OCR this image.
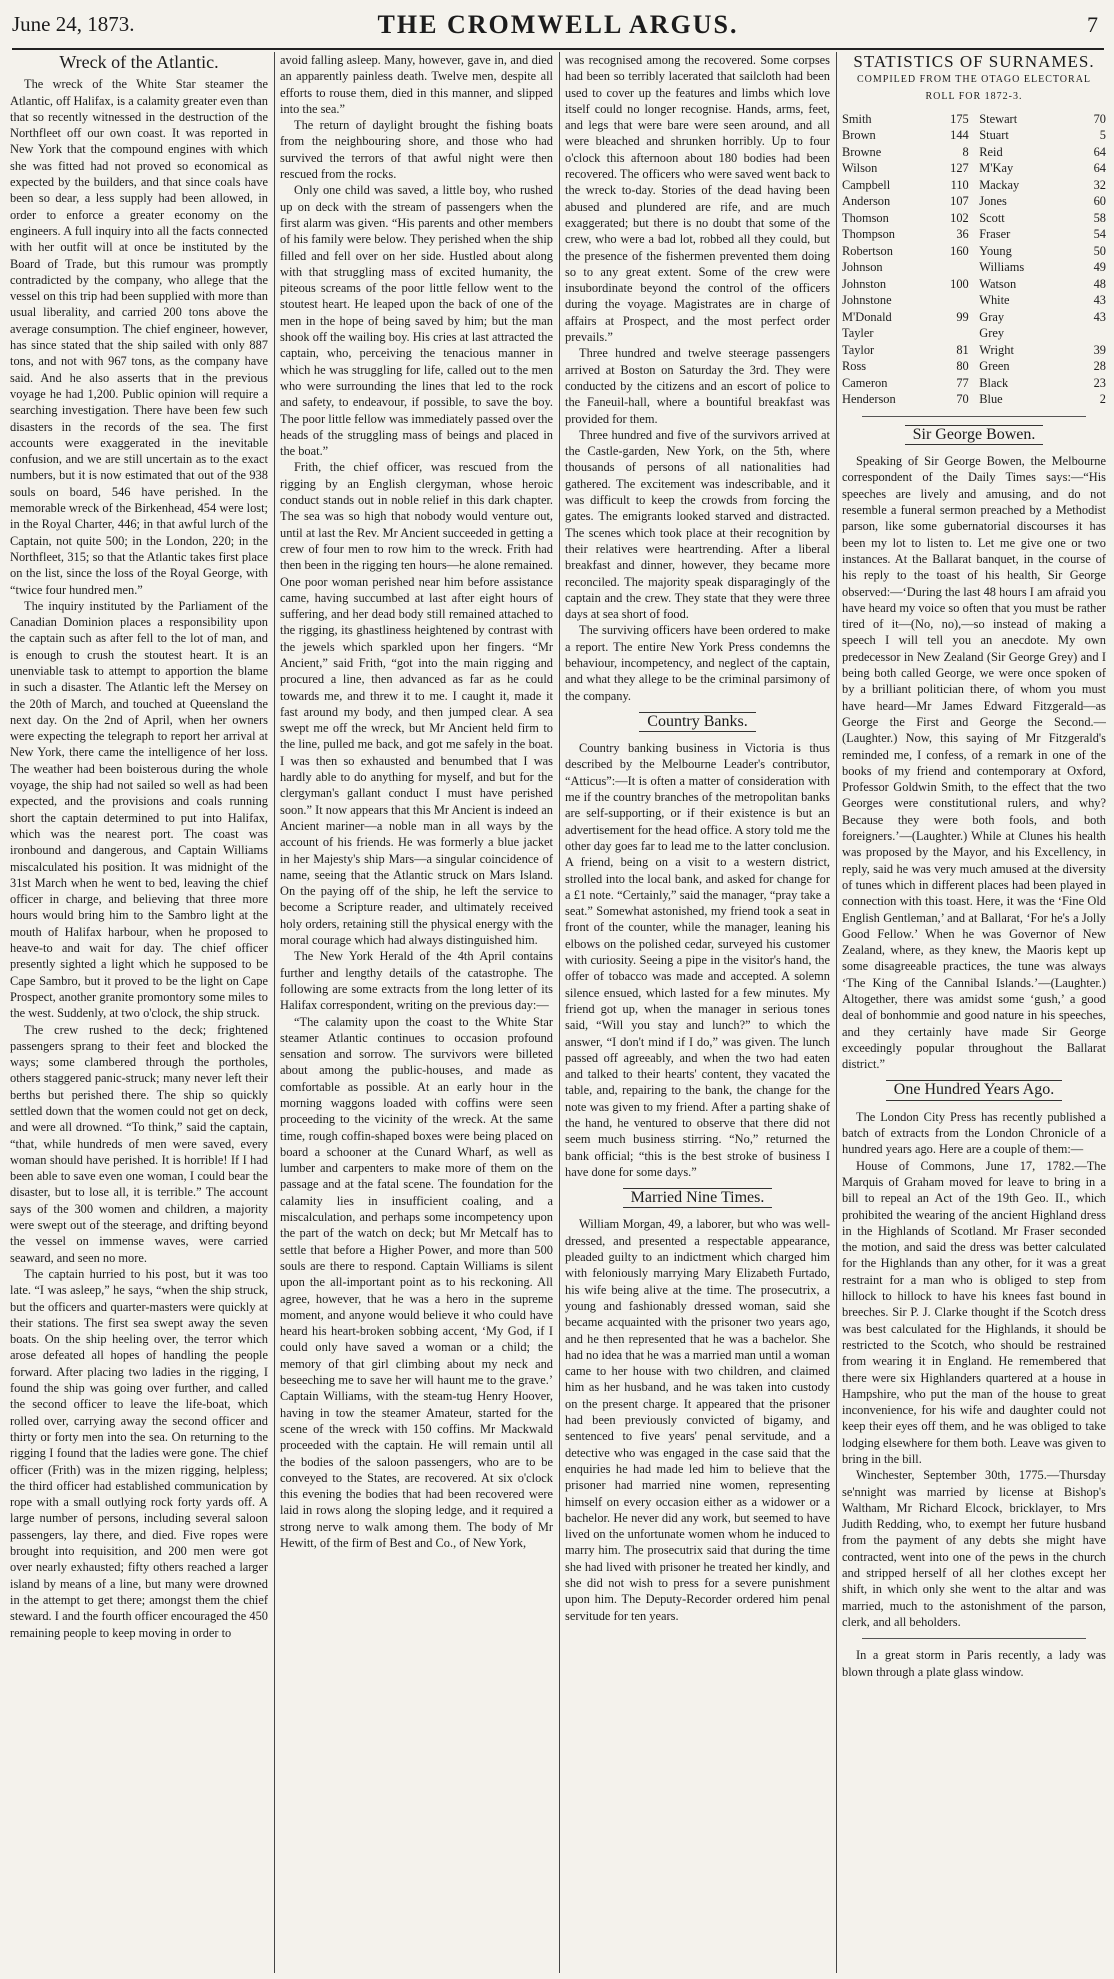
June 24, 1873.	THE CROMWELL ARGUS.	7
Wreck of the Atlantic.

The wreck of the White Star steamer the Atlantic, off Halifax, is a calamity greater even than that so recently witnessed in the destruction of the Northfleet off our own coast. It was reported in New York that the compound engines with which she was fitted had not proved so economical as expected by the builders, and that since coals have been so dear, a less supply had been allowed, in order to enforce a greater economy on the engineers. A full inquiry into all the facts connected with her outfit will at once be instituted by the Board of Trade, but this rumour was promptly contradicted by the company, who allege that the vessel on this trip had been supplied with more than usual liberality, and carried 200 tons above the average consumption. The chief engineer, however, has since stated that the ship sailed with only 887 tons, and not with 967 tons, as the company have said. And he also asserts that in the previous voyage he had 1,200. Public opinion will require a searching investigation. There have been few such disasters in the records of the sea. The first accounts were exaggerated in the inevitable confusion, and we are still uncertain as to the exact numbers, but it is now estimated that out of the 938 souls on board, 546 have perished. In the memorable wreck of the Birkenhead, 454 were lost; in the Royal Charter, 446; in that awful lurch of the Captain, not quite 500; in the London, 220; in the Northfleet, 315; so that the Atlantic takes first place on the list, since the loss of the Royal George, with “twice four hundred men.”

The inquiry instituted by the Parliament of the Canadian Dominion places a responsibility upon the captain such as after fell to the lot of man, and is enough to crush the stoutest heart. It is an unenviable task to attempt to apportion the blame in such a disaster. The Atlantic left the Mersey on the 20th of March, and touched at Queensland the next day. On the 2nd of April, when her owners were expecting the telegraph to report her arrival at New York, there came the intelligence of her loss. The weather had been boisterous during the whole voyage, the ship had not sailed so well as had been expected, and the provisions and coals running short the captain determined to put into Halifax, which was the nearest port. The coast was ironbound and dangerous, and Captain Williams miscalculated his position. It was midnight of the 31st March when he went to bed, leaving the chief officer in charge, and believing that three more hours would bring him to the Sambro light at the mouth of Halifax harbour, when he proposed to heave-to and wait for day. The chief officer presently sighted a light which he supposed to be Cape Sambro, but it proved to be the light on Cape Prospect, another granite promontory some miles to the west. Suddenly, at two o'clock, the ship struck.

The crew rushed to the deck; frightened passengers sprang to their feet and blocked the ways; some clambered through the portholes, others staggered panic-struck; many never left their berths but perished there. The ship so quickly settled down that the women could not get on deck, and were all drowned. “To think,” said the captain, “that, while hundreds of men were saved, every woman should have perished. It is horrible! If I had been able to save even one woman, I could bear the disaster, but to lose all, it is terrible.” The account says of the 300 women and children, a majority were swept out of the steerage, and drifting beyond the vessel on immense waves, were carried seaward, and seen no more.

The captain hurried to his post, but it was too late. “I was asleep,” he says, “when the ship struck, but the officers and quarter-masters were quickly at their stations. The first sea swept away the seven boats. On the ship heeling over, the terror which arose defeated all hopes of handling the people forward. After placing two ladies in the rigging, I found the ship was going over further, and called the second officer to leave the life-boat, which rolled over, carrying away the second officer and thirty or forty men into the sea. On returning to the rigging I found that the ladies were gone. The chief officer (Frith) was in the mizen rigging, helpless; the third officer had established communication by rope with a small outlying rock forty yards off. A large number of persons, including several saloon passengers, lay there, and died. Five ropes were brought into requisition, and 200 men were got over nearly exhausted; fifty others reached a larger island by means of a line, but many were drowned in the attempt to get there; amongst them the chief steward. I and the fourth officer encouraged the 450 remaining people to keep moving in order to

avoid falling asleep. Many, however, gave in, and died an apparently painless death. Twelve men, despite all efforts to rouse them, died in this manner, and slipped into the sea.”

The return of daylight brought the fishing boats from the neighbouring shore, and those who had survived the terrors of that awful night were then rescued from the rocks.

Only one child was saved, a little boy, who rushed up on deck with the stream of passengers when the first alarm was given. “His parents and other members of his family were below. They perished when the ship filled and fell over on her side. Hustled about along with that struggling mass of excited humanity, the piteous screams of the poor little fellow went to the stoutest heart. He leaped upon the back of one of the men in the hope of being saved by him; but the man shook off the wailing boy. His cries at last attracted the captain, who, perceiving the tenacious manner in which he was struggling for life, called out to the men who were surrounding the lines that led to the rock and safety, to endeavour, if possible, to save the boy. The poor little fellow was immediately passed over the heads of the struggling mass of beings and placed in the boat.”

Frith, the chief officer, was rescued from the rigging by an English clergyman, whose heroic conduct stands out in noble relief in this dark chapter. The sea was so high that nobody would venture out, until at last the Rev. Mr Ancient succeeded in getting a crew of four men to row him to the wreck. Frith had then been in the rigging ten hours—he alone remained. One poor woman perished near him before assistance came, having succumbed at last after eight hours of suffering, and her dead body still remained attached to the rigging, its ghastliness heightened by contrast with the jewels which sparkled upon her fingers. “Mr Ancient,” said Frith, “got into the main rigging and procured a line, then advanced as far as he could towards me, and threw it to me. I caught it, made it fast around my body, and then jumped clear. A sea swept me off the wreck, but Mr Ancient held firm to the line, pulled me back, and got me safely in the boat. I was then so exhausted and benumbed that I was hardly able to do anything for myself, and but for the clergyman's gallant conduct I must have perished soon.” It now appears that this Mr Ancient is indeed an Ancient mariner—a noble man in all ways by the account of his friends. He was formerly a blue jacket in her Majesty's ship Mars—a singular coincidence of name, seeing that the Atlantic struck on Mars Island. On the paying off of the ship, he left the service to become a Scripture reader, and ultimately received holy orders, retaining still the physical energy with the moral courage which had always distinguished him.

The New York Herald of the 4th April contains further and lengthy details of the catastrophe. The following are some extracts from the long letter of its Halifax correspondent, writing on the previous day:—

“The calamity upon the coast to the White Star steamer Atlantic continues to occasion profound sensation and sorrow. The survivors were billeted about among the public-houses, and made as comfortable as possible. At an early hour in the morning waggons loaded with coffins were seen proceeding to the vicinity of the wreck. At the same time, rough coffin-shaped boxes were being placed on board a schooner at the Cunard Wharf, as well as lumber and carpenters to make more of them on the passage and at the fatal scene. The foundation for the calamity lies in insufficient coaling, and a miscalculation, and perhaps some incompetency upon the part of the watch on deck; but Mr Metcalf has to settle that before a Higher Power, and more than 500 souls are there to respond. Captain Williams is silent upon the all-important point as to his reckoning. All agree, however, that he was a hero in the supreme moment, and anyone would believe it who could have heard his heart-broken sobbing accent, ‘My God, if I could only have saved a woman or a child; the memory of that girl climbing about my neck and beseeching me to save her will haunt me to the grave.’ Captain Williams, with the steam-tug Henry Hoover, having in tow the steamer Amateur, started for the scene of the wreck with 150 coffins. Mr Mackwald proceeded with the captain. He will remain until all the bodies of the saloon passengers, who are to be conveyed to the States, are recovered. At six o'clock this evening the bodies that had been recovered were laid in rows along the sloping ledge, and it required a strong nerve to walk among them. The body of Mr Hewitt, of the firm of Best and Co., of New York,

was recognised among the recovered. Some corpses had been so terribly lacerated that sailcloth had been used to cover up the features and limbs which love itself could no longer recognise. Hands, arms, feet, and legs that were bare were seen around, and all were bleached and shrunken horribly. Up to four o'clock this afternoon about 180 bodies had been recovered. The officers who were saved went back to the wreck to-day. Stories of the dead having been abused and plundered are rife, and are much exaggerated; but there is no doubt that some of the crew, who were a bad lot, robbed all they could, but the presence of the fishermen prevented them doing so to any great extent. Some of the crew were insubordinate beyond the control of the officers during the voyage. Magistrates are in charge of affairs at Prospect, and the most perfect order prevails.”

Three hundred and twelve steerage passengers arrived at Boston on Saturday the 3rd. They were conducted by the citizens and an escort of police to the Faneuil-hall, where a bountiful breakfast was provided for them.

Three hundred and five of the survivors arrived at the Castle-garden, New York, on the 5th, where thousands of persons of all nationalities had gathered. The excitement was indescribable, and it was difficult to keep the crowds from forcing the gates. The emigrants looked starved and distracted. The scenes which took place at their recognition by their relatives were heartrending. After a liberal breakfast and dinner, however, they became more reconciled. The majority speak disparagingly of the captain and the crew. They state that they were three days at sea short of food.

The surviving officers have been ordered to make a report. The entire New York Press condemns the behaviour, incompetency, and neglect of the captain, and what they allege to be the criminal parsimony of the company.

Country Banks.

Country banking business in Victoria is thus described by the Melbourne Leader's contributor, “Atticus”:—It is often a matter of consideration with me if the country branches of the metropolitan banks are self-supporting, or if their existence is but an advertisement for the head office. A story told me the other day goes far to lead me to the latter conclusion. A friend, being on a visit to a western district, strolled into the local bank, and asked for change for a £1 note. “Certainly,” said the manager, “pray take a seat.” Somewhat astonished, my friend took a seat in front of the counter, while the manager, leaning his elbows on the polished cedar, surveyed his customer with curiosity. Seeing a pipe in the visitor's hand, the offer of tobacco was made and accepted. A solemn silence ensued, which lasted for a few minutes. My friend got up, when the manager in serious tones said, “Will you stay and lunch?” to which the answer, “I don't mind if I do,” was given. The lunch passed off agreeably, and when the two had eaten and talked to their hearts' content, they vacated the table, and, repairing to the bank, the change for the note was given to my friend. After a parting shake of the hand, he ventured to observe that there did not seem much business stirring. “No,” returned the bank official; “this is the best stroke of business I have done for some days.”

Married Nine Times.

William Morgan, 49, a laborer, but who was well-dressed, and presented a respectable appearance, pleaded guilty to an indictment which charged him with feloniously marrying Mary Elizabeth Furtado, his wife being alive at the time. The prosecutrix, a young and fashionably dressed woman, said she became acquainted with the prisoner two years ago, and he then represented that he was a bachelor. She had no idea that he was a married man until a woman came to her house with two children, and claimed him as her husband, and he was taken into custody on the present charge. It appeared that the prisoner had been previously convicted of bigamy, and sentenced to five years' penal servitude, and a detective who was engaged in the case said that the enquiries he had made led him to believe that the prisoner had married nine women, representing himself on every occasion either as a widower or a bachelor. He never did any work, but seemed to have lived on the unfortunate women whom he induced to marry him. The prosecutrix said that during the time she had lived with prisoner he treated her kindly, and she did not wish to press for a severe punishment upon him. The Deputy-Recorder ordered him penal servitude for ten years.

STATISTICS OF SURNAMES.
COMPILED FROM THE OTAGO ELECTORAL ROLL FOR 1872-3.
Smith	175
Brown	144
Browne	8
Wilson	127
Campbell	110
Anderson	107
Thomson	102
Thompson	36
Robertson	160
Johnson
Johnston	100
Johnstone
M'Donald	99
Tayler
Taylor	81
Ross	80
Cameron	77
Henderson	70
Stewart	70
Stuart	5
Reid	64
M'Kay	64
Mackay	32
Jones	60
Scott	58
Fraser	54
Young	50
Williams	49
Watson	48
White	43
Gray	43
Grey
Wright	39
Green	28
Black	23
Blue	2
Sir George Bowen.

Speaking of Sir George Bowen, the Melbourne correspondent of the Daily Times says:—“His speeches are lively and amusing, and do not resemble a funeral sermon preached by a Methodist parson, like some gubernatorial discourses it has been my lot to listen to. Let me give one or two instances. At the Ballarat banquet, in the course of his reply to the toast of his health, Sir George observed:—‘During the last 48 hours I am afraid you have heard my voice so often that you must be rather tired of it—(No, no),—so instead of making a speech I will tell you an anecdote. My own predecessor in New Zealand (Sir George Grey) and I being both called George, we were once spoken of by a brilliant politician there, of whom you must have heard—Mr James Edward Fitzgerald—as George the First and George the Second.—(Laughter.) Now, this saying of Mr Fitzgerald's reminded me, I confess, of a remark in one of the books of my friend and contemporary at Oxford, Professor Goldwin Smith, to the effect that the two Georges were constitutional rulers, and why? Because they were both fools, and both foreigners.’—(Laughter.) While at Clunes his health was proposed by the Mayor, and his Excellency, in reply, said he was very much amused at the diversity of tunes which in different places had been played in connection with this toast. Here, it was the ‘Fine Old English Gentleman,’ and at Ballarat, ‘For he's a Jolly Good Fellow.’ When he was Governor of New Zealand, where, as they knew, the Maoris kept up some disagreeable practices, the tune was always ‘The King of the Cannibal Islands.’—(Laughter.) Altogether, there was amidst some ‘gush,’ a good deal of bonhommie and good nature in his speeches, and they certainly have made Sir George exceedingly popular throughout the Ballarat district.”

One Hundred Years Ago.

The London City Press has recently published a batch of extracts from the London Chronicle of a hundred years ago. Here are a couple of them:—

House of Commons, June 17, 1782.—The Marquis of Graham moved for leave to bring in a bill to repeal an Act of the 19th Geo. II., which prohibited the wearing of the ancient Highland dress in the Highlands of Scotland. Mr Fraser seconded the motion, and said the dress was better calculated for the Highlands than any other, for it was a great restraint for a man who is obliged to step from hillock to hillock to have his knees fast bound in breeches. Sir P. J. Clarke thought if the Scotch dress was best calculated for the Highlands, it should be restricted to the Scotch, who should be restrained from wearing it in England. He remembered that there were six Highlanders quartered at a house in Hampshire, who put the man of the house to great inconvenience, for his wife and daughter could not keep their eyes off them, and he was obliged to take lodging elsewhere for them both. Leave was given to bring in the bill.

Winchester, September 30th, 1775.—Thursday se'nnight was married by license at Bishop's Waltham, Mr Richard Elcock, bricklayer, to Mrs Judith Redding, who, to exempt her future husband from the payment of any debts she might have contracted, went into one of the pews in the church and stripped herself of all her clothes except her shift, in which only she went to the altar and was married, much to the astonishment of the parson, clerk, and all beholders.

In a great storm in Paris recently, a lady was blown through a plate glass window.
